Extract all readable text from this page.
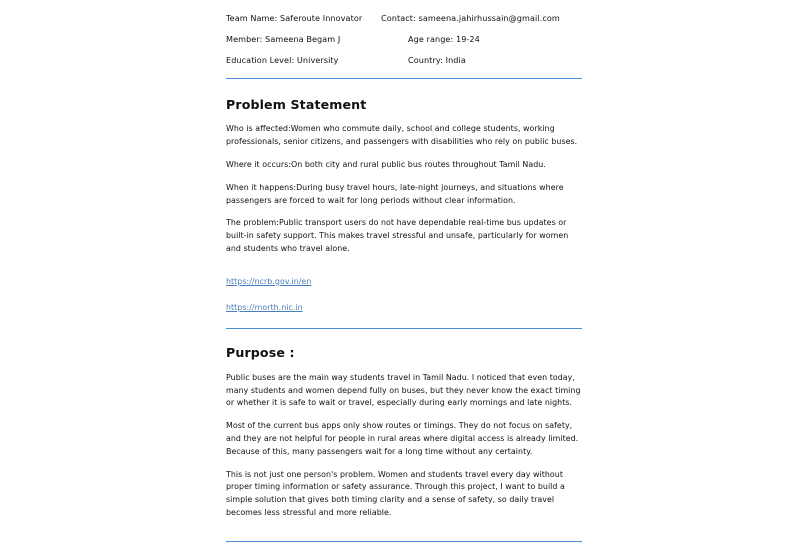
Team Name: Saferoute Innovator	Contact: sameena.jahirhussain@gmail.com
Member: Sameena Begam J	Age range: 19-24
Education Level: University	Country: India
Problem Statement

Who is affected:Women who commute daily, school and college students, working professionals, senior citizens, and passengers with disabilities who rely on public buses.

Where it occurs:On both city and rural public bus routes throughout Tamil Nadu.

When it happens:During busy travel hours, late-night journeys, and situations where passengers are forced to wait for long periods without clear information.

The problem:Public transport users do not have dependable real-time bus updates or built-in safety support. This makes travel stressful and unsafe, particularly for women and students who travel alone.

https://ncrb.gov.in/en
https://morth.nic.in
Purpose :

Public buses are the main way students travel in Tamil Nadu. I noticed that even today, many students and women depend fully on buses, but they never know the exact timing or whether it is safe to wait or travel, especially during early mornings and late nights.

Most of the current bus apps only show routes or timings. They do not focus on safety, and they are not helpful for people in rural areas where digital access is already limited. Because of this, many passengers wait for a long time without any certainty.

This is not just one person's problem. Women and students travel every day without proper timing information or safety assurance. Through this project, I want to build a simple solution that gives both timing clarity and a sense of safety, so daily travel becomes less stressful and more reliable.
